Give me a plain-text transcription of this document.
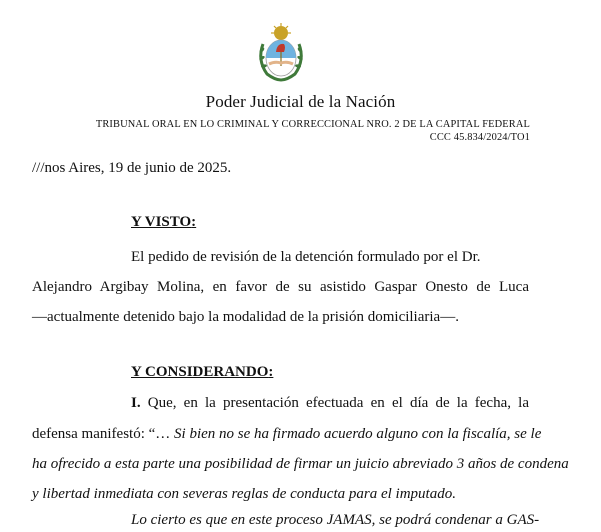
Poder Judicial de la Nación
TRIBUNAL ORAL EN LO CRIMINAL Y CORRECCIONAL NRO. 2 DE LA CAPITAL FEDERAL
CCC 45.834/2024/TO1
///nos Aires, 19 de junio de 2025.
Y VISTO:
El pedido de revisión de la detención formulado por el Dr.
Alejandro Argibay Molina, en favor de su asistido Gaspar Onesto de Luca
—actualmente detenido bajo la modalidad de la prisión domiciliaria—.
Y CONSIDERANDO:
I. Que, en la presentación efectuada en el día de la fecha, la
defensa manifestó: “… Si bien no se ha firmado acuerdo alguno con la fiscalía, se le
ha ofrecido a esta parte una posibilidad de firmar un juicio abreviado 3 años de condena
y libertad inmediata con severas reglas de conducta para el imputado.
Lo cierto es que en este proceso JAMAS, se podrá condenar a GAS-
